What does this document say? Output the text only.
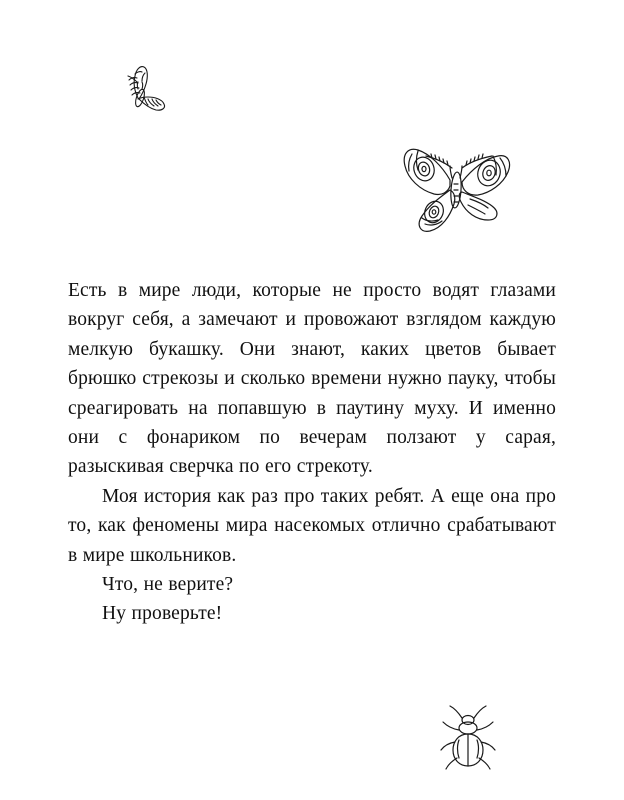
Есть в мире люди, которые не просто водят глазами вокруг себя, а замечают и провожают взглядом каждую мелкую букашку. Они знают, каких цветов бывает брюшко стрекозы и сколько времени нужно пауку, чтобы среагировать на попавшую в паутину муху. И именно они с фонариком по вечерам ползают у сарая, разыскивая сверчка по его стрекоту.

Моя история как раз про таких ребят. А еще она про то, как феномены мира насекомых отлично срабатывают в мире школьников.

Что, не верите?

Ну проверьте!
